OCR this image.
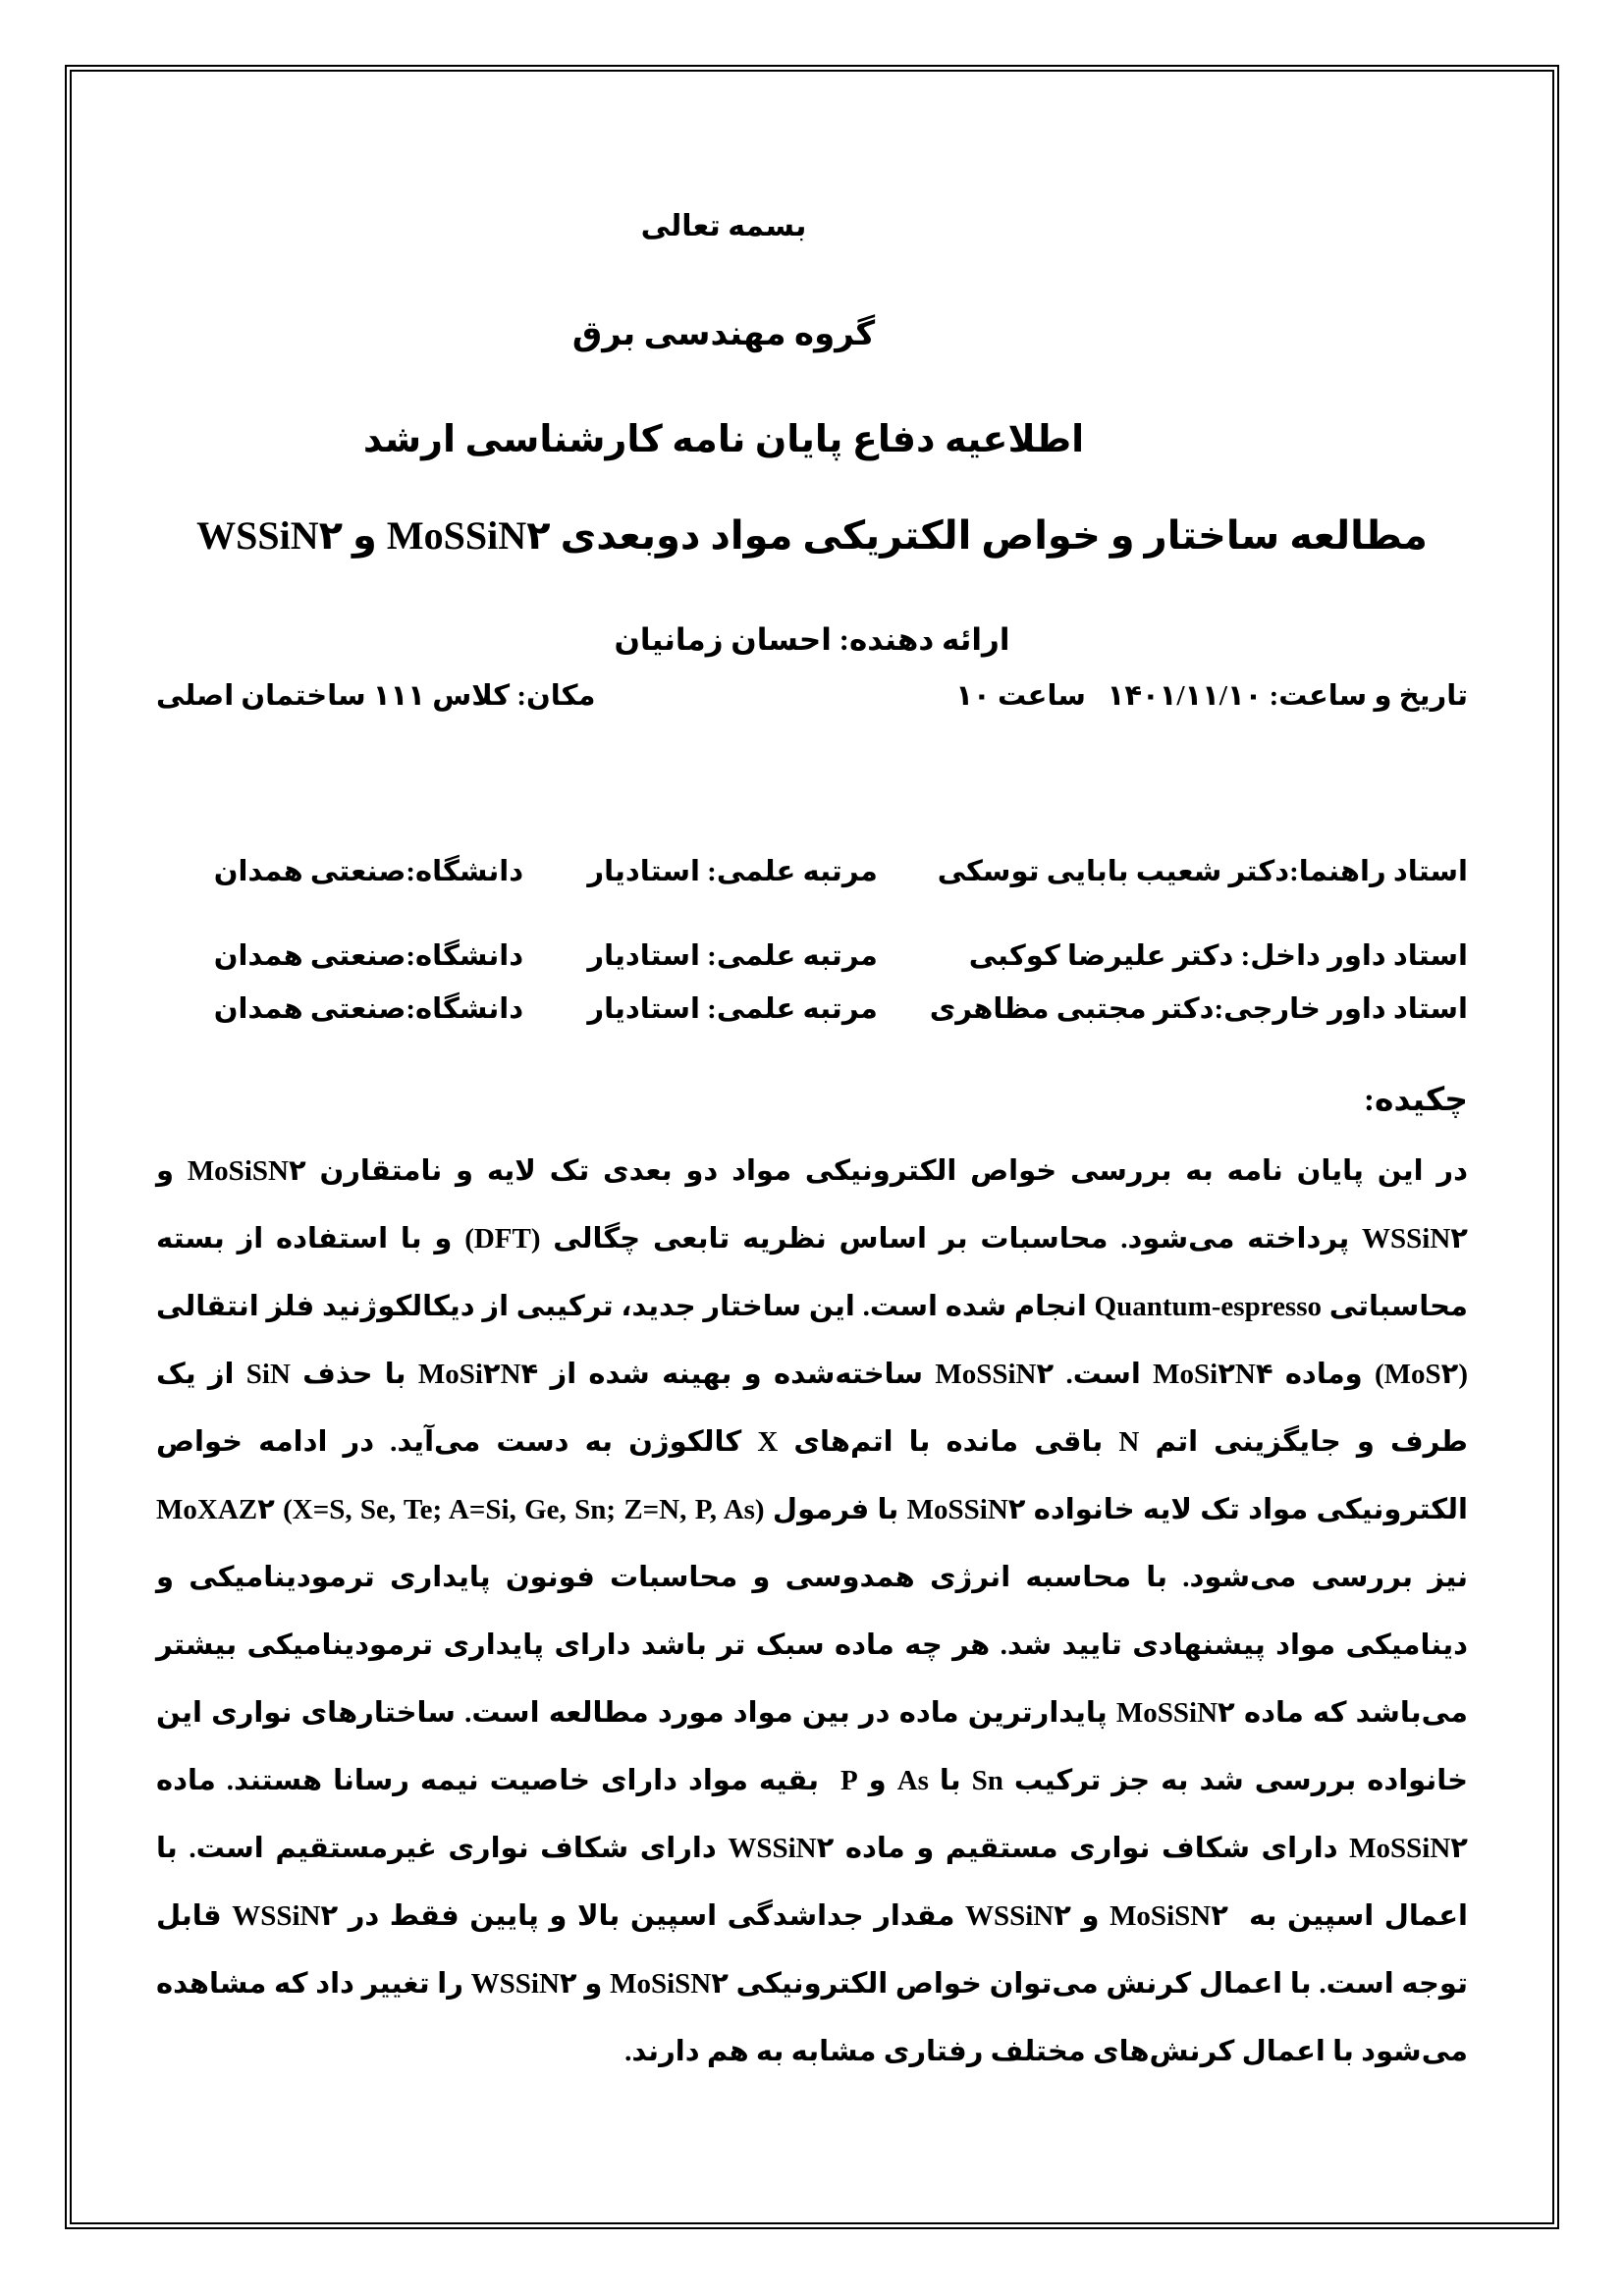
بسمه تعالی
گروه مهندسی برق
اطلاعیه دفاع پایان نامه کارشناسی ارشد
مطالعه ساختار و خواص الکتریکی مواد دوبعدی MoSSiN۲ و WSSiN۲
ارائه دهنده: احسان زمانیان
تاریخ و ساعت: ۱۴۰۱/۱۱/۱۰   ساعت ۱۰
مکان: کلاس ۱۱۱ ساختمان اصلی
استاد راهنما:دکتر شعیب بابایی توسکی
مرتبه علمی: استادیار
دانشگاه:صنعتی همدان
استاد داور داخل: دکتر علیرضا کوکبی
مرتبه علمی: استادیار
دانشگاه:صنعتی همدان
استاد داور خارجی:دکتر مجتبی مظاهری
مرتبه علمی: استادیار
دانشگاه:صنعتی همدان
چکیده:

در این پایان نامه به بررسی خواص الکترونیکی مواد دو بعدی تک لایه و نامتقارن MoSiSN۲ و WSSiN۲ پرداخته می‌شود. محاسبات بر اساس نظریه تابعی چگالی (DFT) و با استفاده از بسته محاسباتی Quantum-espresso انجام شده است. این ساختار جدید، ترکیبی از دیکالکوژنید فلز انتقالی (MoS۲) وماده MoSi۲N۴ است. MoSSiN۲ ساخته‌شده و بهینه شده از MoSi۲N۴ با حذف SiN از یک طرف و جایگزینی اتم N باقی مانده با اتم‌های X کالکوژن به دست می‌آید. در ادامه خواص الکترونیکی مواد تک لایه خانواده MoSSiN۲ با فرمول MoXAZ۲ (X=S, Se, Te; A=Si, Ge, Sn; Z=N, P, As) نیز بررسی می‌شود. با محاسبه انرژی همدوسی و محاسبات فونون پایداری ترمودینامیکی و دینامیکی مواد پیشنهادی تایید شد. هر چه ماده سبک تر باشد دارای پایداری ترمودینامیکی بیشتر می‌باشد که ماده MoSSiN۲ پایدارترین ماده در بین مواد مورد مطالعه است. ساختارهای نواری این خانواده بررسی شد به جز ترکیب Sn با As و P  بقیه مواد دارای خاصیت نیمه رسانا هستند. ماده MoSSiN۲ دارای شکاف نواری مستقیم و ماده WSSiN۲ دارای شکاف نواری غیرمستقیم است. با اعمال اسپین به  MoSiSN۲ و WSSiN۲ مقدار جداشدگی اسپین بالا و پایین فقط در WSSiN۲ قابل توجه است. با اعمال کرنش می‌توان خواص الکترونیکی MoSiSN۲ و WSSiN۲ را تغییر داد که مشاهده می‌شود با اعمال کرنش‌های مختلف رفتاری مشابه به هم دارند.
